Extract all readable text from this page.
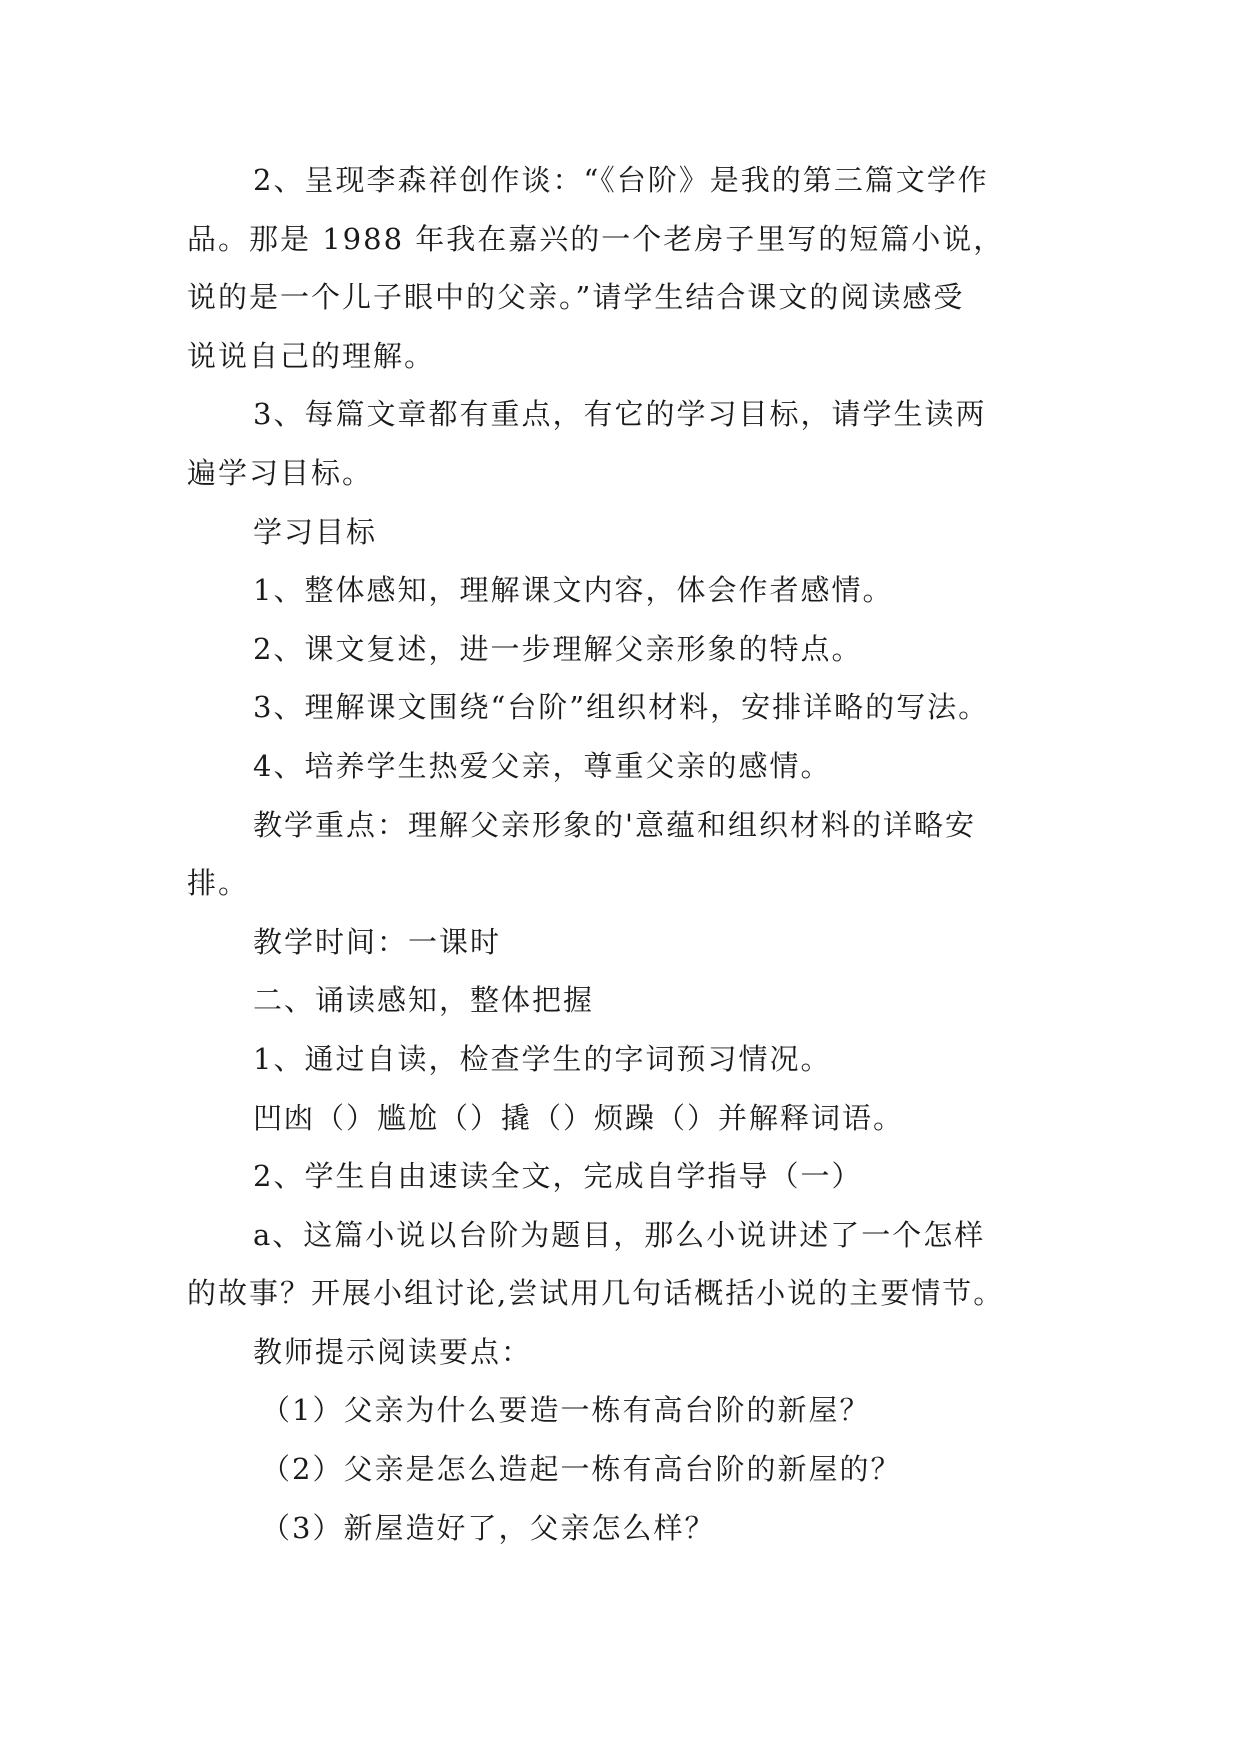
2、呈现李森祥创作谈：“《台阶》是我的第三篇文学作
品。那是 1988 年我在嘉兴的一个老房子里写的短篇小说，
说的是一个儿子眼中的父亲。”请学生结合课文的阅读感受
说说自己的理解。
3、每篇文章都有重点，有它的学习目标，请学生读两
遍学习目标。
学习目标
1、整体感知，理解课文内容，体会作者感情。
2、课文复述，进一步理解父亲形象的特点。
3、理解课文围绕“台阶”组织材料，安排详略的写法。
4、培养学生热爱父亲，尊重父亲的感情。
教学重点：理解父亲形象的'意蕴和组织材料的详略安
排。
教学时间：一课时
二、诵读感知，整体把握
1、通过自读，检查学生的字词预习情况。
凹凼（）尴尬（）撬（）烦躁（）并解释词语。
2、学生自由速读全文，完成自学指导（一）
a、这篇小说以台阶为题目，那么小说讲述了一个怎样
的故事？开展小组讨论,尝试用几句话概括小说的主要情节。
教师提示阅读要点：
（1）父亲为什么要造一栋有高台阶的新屋？
（2）父亲是怎么造起一栋有高台阶的新屋的？
（3）新屋造好了，父亲怎么样？
